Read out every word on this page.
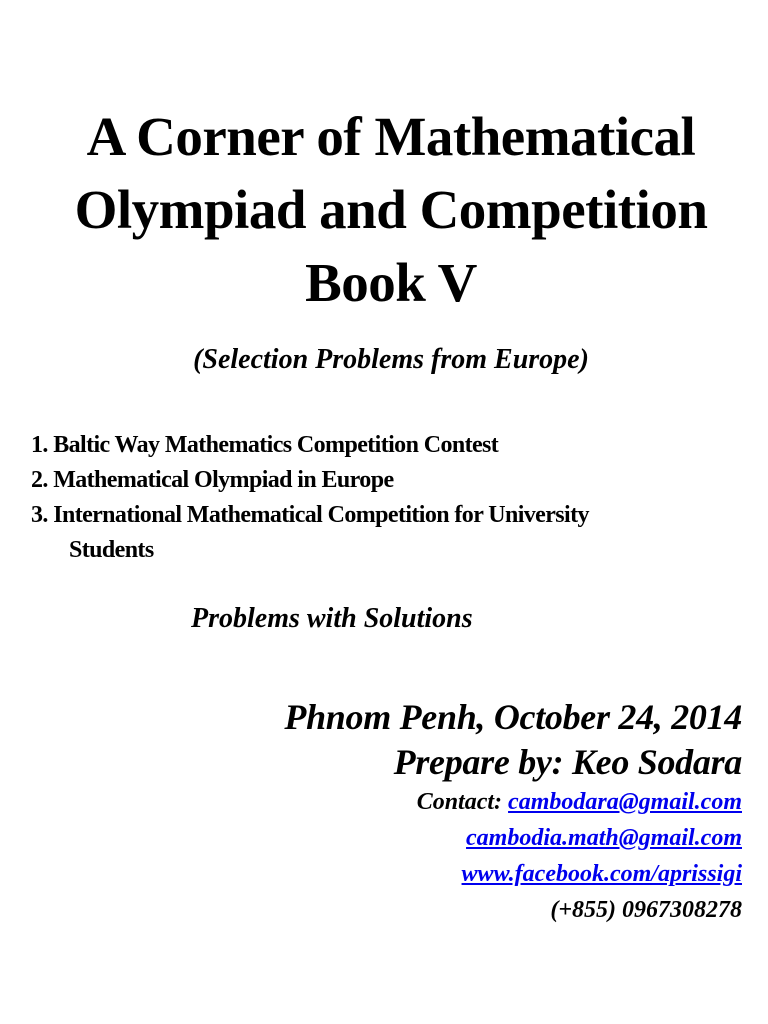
A Corner of Mathematical
Olympiad and Competition
Book V

(Selection Problems from Europe)

1. Baltic Way Mathematics Competition Contest
2. Mathematical Olympiad in Europe
3. International Mathematical Competition for University
Students

Problems with Solutions

Phnom Penh, October 24, 2014
Prepare by: Keo Sodara
Contact: cambodara@gmail.com
cambodia.math@gmail.com
www.facebook.com/aprissigi
(+855) 0967308278
